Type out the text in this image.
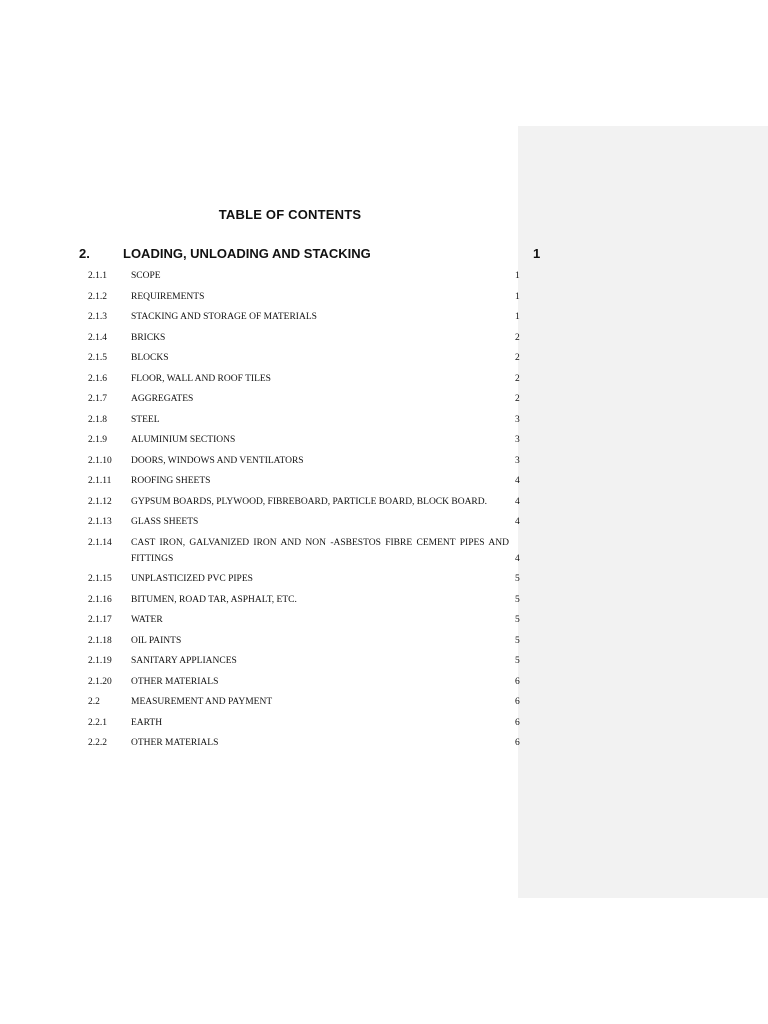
TABLE OF CONTENTS
2.	LOADING, UNLOADING AND STACKING	1
2.1.1	SCOPE	1
2.1.2	REQUIREMENTS	1
2.1.3	STACKING AND STORAGE OF MATERIALS	1
2.1.4	BRICKS	2
2.1.5	BLOCKS	2
2.1.6	FLOOR, WALL AND ROOF TILES	2
2.1.7	AGGREGATES	2
2.1.8	STEEL	3
2.1.9	ALUMINIUM SECTIONS	3
2.1.10 DOORS, WINDOWS AND VENTILATORS	3
2.1.11 ROOFING SHEETS	4
2.1.12 GYPSUM BOARDS, PLYWOOD, FIBREBOARD, PARTICLE BOARD, BLOCK BOARD.	4
2.1.13 GLASS SHEETS	4
2.1.14 CAST IRON, GALVANIZED IRON AND NON -ASBESTOS FIBRE CEMENT PIPES AND FITTINGS	4
2.1.15 UNPLASTICIZED PVC PIPES	5
2.1.16 BITUMEN, ROAD TAR, ASPHALT, ETC.	5
2.1.17 WATER	5
2.1.18 OIL PAINTS	5
2.1.19 SANITARY APPLIANCES	5
2.1.20 OTHER MATERIALS	6
2.2	MEASUREMENT AND PAYMENT	6
2.2.1	EARTH	6
2.2.2	OTHER MATERIALS	6
